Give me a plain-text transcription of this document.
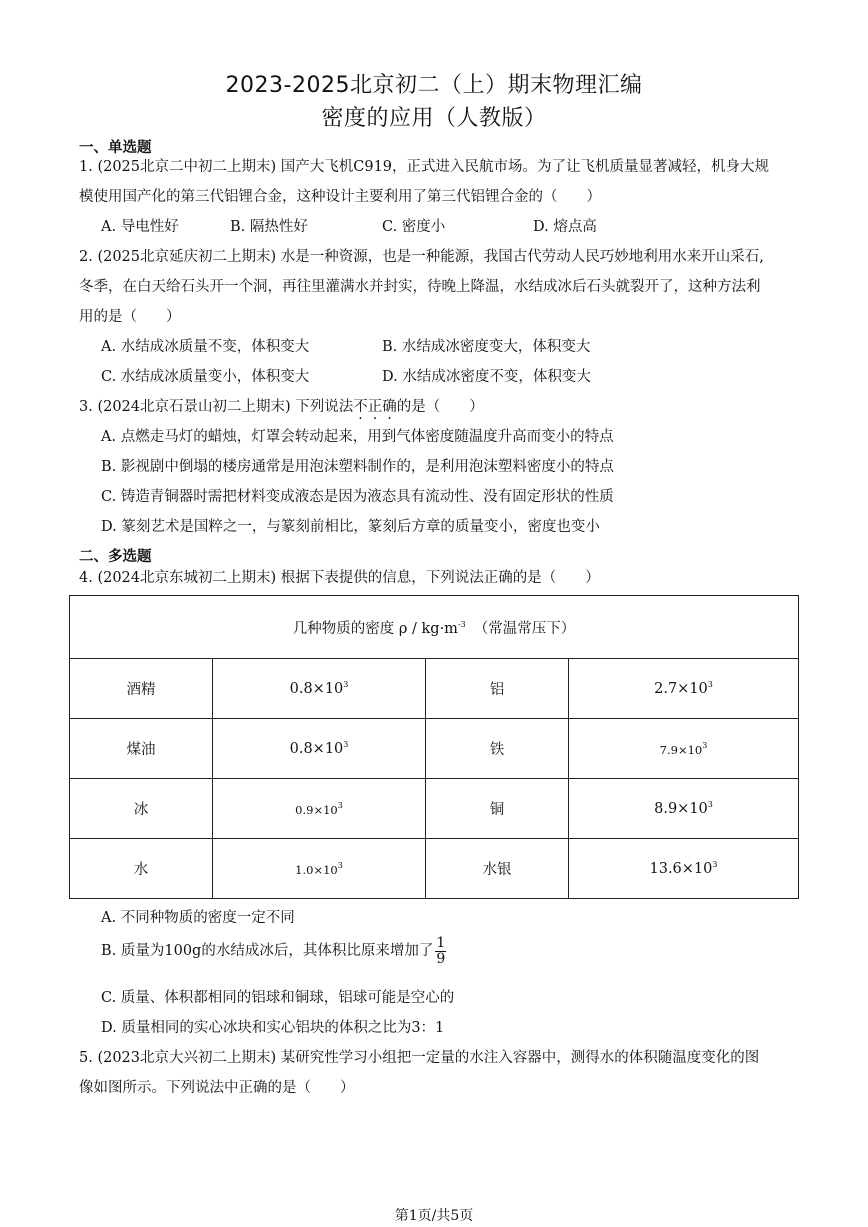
2023-2025北京初二（上）期末物理汇编
密度的应用（人教版）
一、单选题
1. (2025北京二中初二上期末) 国产大飞机C919，正式进入民航市场。为了让飞机质量显著减轻，机身大规
模使用国产化的第三代铝锂合金，这种设计主要利用了第三代铝锂合金的（　　）
A. 导电性好	B. 隔热性好	C. 密度小	D. 熔点高
2. (2025北京延庆初二上期末) 水是一种资源，也是一种能源，我国古代劳动人民巧妙地利用水来开山采石,
冬季，在白天给石头开一个洞，再往里灌满水并封实，待晚上降温，水结成冰后石头就裂开了，这种方法利
用的是（　　）
A. 水结成冰质量不变，体积变大	B. 水结成冰密度变大，体积变大
C. 水结成冰质量变小，体积变大	D. 水结成冰密度不变，体积变大
3. (2024北京石景山初二上期末) 下列说法不正确的是（　　）
A. 点燃走马灯的蜡烛，灯罩会转动起来，用到气体密度随温度升高而变小的特点
B. 影视剧中倒塌的楼房通常是用泡沫塑料制作的，是利用泡沫塑料密度小的特点
C. 铸造青铜器时需把材料变成液态是因为液态具有流动性、没有固定形状的性质
D. 篆刻艺术是国粹之一，与篆刻前相比，篆刻后方章的质量变小，密度也变小
二、多选题
4. (2024北京东城初二上期末) 根据下表提供的信息，下列说法正确的是（　　）
几种物质的密度 $\rho / kg\cdot m^{-3}$ （常温常压下）			
酒精	$0.8\times 10^3$	铝	$2.7\times 10^3$
煤油	$0.8\times 10^3$	铁	$7.9\times 10^3$
冰	$0.9\times 10^3$	铜	$8.9\times 10^3$
水	$1.0\times 10^3$	水银	$13.6\times 10^3$
A. 不同种物质的密度一定不同
B. 质量为100g的水结成冰后，其体积比原来增加了 $\frac{1}{9}$
C. 质量、体积都相同的铝球和铜球，铝球可能是空心的
D. 质量相同的实心冰块和实心铝块的体积之比为3：1
5. (2023北京大兴初二上期末) 某研究性学习小组把一定量的水注入容器中，测得水的体积随温度变化的图
像如图所示。下列说法中正确的是（　　）
第1页/共5页
